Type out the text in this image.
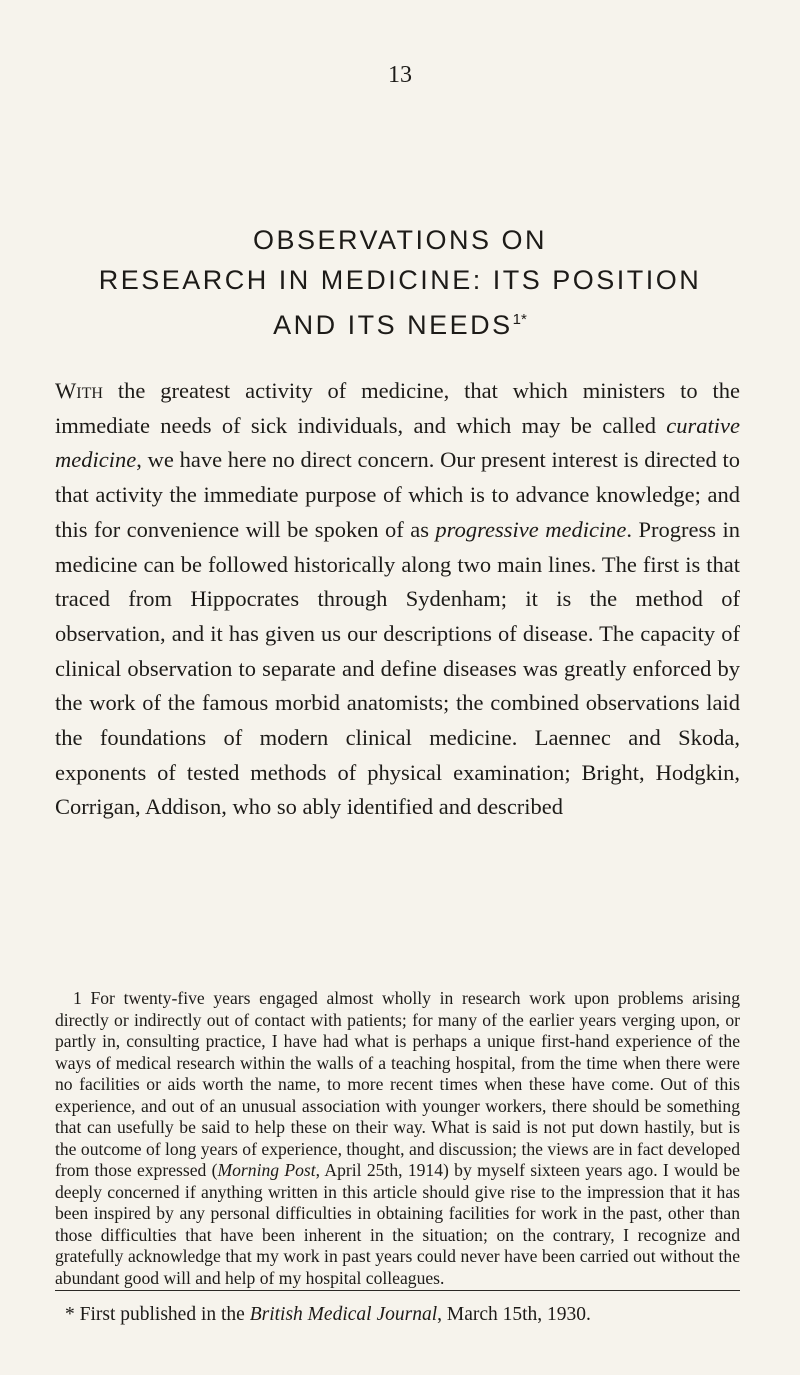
13
OBSERVATIONS ON
RESEARCH IN MEDICINE: ITS POSITION
AND ITS $NEEDS^{1*}$

With the greatest activity of medicine, that which ministers to the immediate needs of sick individuals, and which may be called curative medicine, we have here no direct concern. Our present interest is directed to that activity the immediate purpose of which is to advance knowledge; and this for convenience will be spoken of as progressive medicine. Progress in medicine can be followed historically along two main lines. The first is that traced from Hippocrates through Sydenham; it is the method of observation, and it has given us our descriptions of disease. The capacity of clinical observation to separate and define diseases was greatly enforced by the work of the famous morbid anatomists; the combined observations laid the foundations of modern clinical medicine. Laennec and Skoda, exponents of tested methods of physical examination; Bright, Hodgkin, Corrigan, Addison, who so ably identified and described

1 For twenty-five years engaged almost wholly in research work upon problems arising directly or indirectly out of contact with patients; for many of the earlier years verging upon, or partly in, consulting practice, I have had what is perhaps a unique first-hand experience of the ways of medical research within the walls of a teaching hospital, from the time when there were no facilities or aids worth the name, to more recent times when these have come. Out of this experience, and out of an unusual association with younger workers, there should be something that can usefully be said to help these on their way. What is said is not put down hastily, but is the outcome of long years of experience, thought, and discussion; the views are in fact developed from those expressed (Morning Post, April 25th, 1914) by myself sixteen years ago. I would be deeply concerned if anything written in this article should give rise to the impression that it has been inspired by any personal difficulties in obtaining facilities for work in the past, other than those difficulties that have been inherent in the situation; on the contrary, I recognize and gratefully acknowledge that my work in past years could never have been carried out without the abundant good will and help of my hospital colleagues.

* First published in the British Medical Journal, March 15th, 1930.
